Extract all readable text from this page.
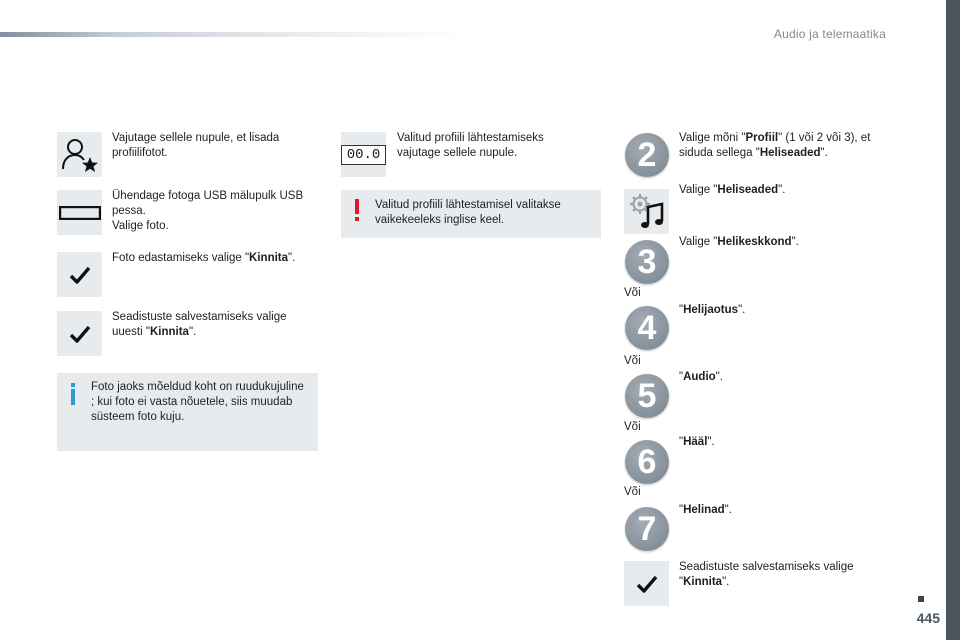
Audio ja telemaatika
445
Vajutage sellele nupule, et lisada profiilifotot.
Ühendage fotoga USB mälupulk USB pessa.
Valige foto.
Foto edastamiseks valige "Kinnita".
Seadistuste salvestamiseks valige uuesti "Kinnita".
Foto jaoks mõeldud koht on ruudukujuline ; kui foto ei vasta nõuetele, siis muudab süsteem foto kuju.
00.0
Valitud profiili lähtestamiseks vajutage sellele nupule.
Valitud profiili lähtestamisel valitakse vaikekeeleks inglise keel.
2	Valige mõni "Profiil" (1 või 2 või 3), et siduda sellega "Heliseaded".
Valige "Heliseaded".
3
Valige "Helikeskkond".
Või
4	"Helijaotus".
Või
5	"Audio".
Või
6
"Hääl".
Või
7	"Helinad".
Seadistuste salvestamiseks valige "Kinnita".
